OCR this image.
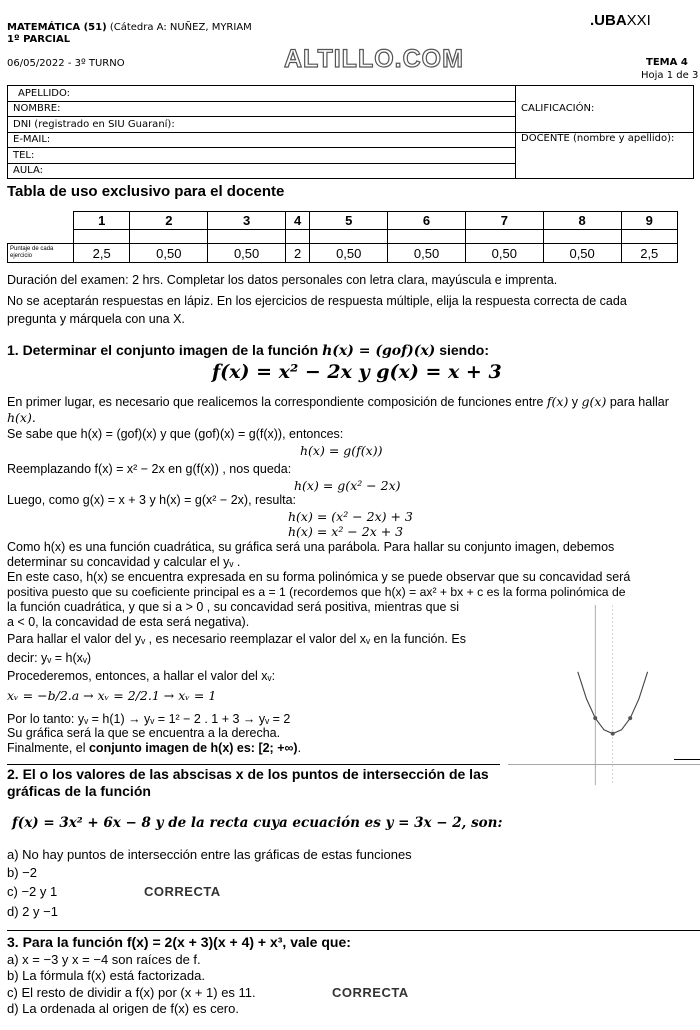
MATEMÁTICA (51) (Cátedra A: NUÑEZ, MYRIAM
1º PARCIAL
06/05/2022 - 3º TURNO
.UBAXXI
ALTILLO.COM	TEMA 4
Hoja 1 de 3
APELLIDO:	CALIFICACIÓN:
NOMBRE:	
DNI (registrado en SIU Guaraní):	
E-MAIL:	DOCENTE (nombre y apellido):
TEL:	
AULA:	
Tabla de uso exclusivo para el docente
	1	2	3	4	5	6	7	8	9

Puntaje de cada ejercicio	2,5	0,50	0,50	2	0,50	0,50	0,50	0,50	2,5
Duración del examen: 2 hrs. Completar los datos personales con letra clara, mayúscula e imprenta.
No se aceptarán respuestas en lápiz. En los ejercicios de respuesta múltiple, elija la respuesta correcta de cada
pregunta y márquela con una X.
1. Determinar el conjunto imagen de la función h(x) = (gof)(x) siendo:
f(x) = x² − 2x y g(x) = x + 3
En primer lugar, es necesario que realicemos la correspondiente composición de funciones entre f(x) y g(x) para hallar
h(x).
Se sabe que h(x) = (gof)(x) y que (gof)(x) = g(f(x)), entonces:
h(x) = g(f(x))
Reemplazando f(x) = x² − 2x en g(f(x)) , nos queda:
h(x) = g(x² − 2x)
Luego, como g(x) = x + 3 y h(x) = g(x² − 2x), resulta:
h(x) = (x² − 2x) + 3
h(x) = x² − 2x + 3
Como h(x) es una función cuadrática, su gráfica será una parábola. Para hallar su conjunto imagen, debemos
determinar su concavidad y calcular el yᵥ .
En este caso, h(x) se encuentra expresada en su forma polinómica y se puede observar que su concavidad será
positiva puesto que su coeficiente principal es a = 1 (recordemos que h(x) = ax² + bx + c es la forma polinómica de
la función cuadrática, y que si a > 0 , su concavidad será positiva, mientras que si
a < 0, la concavidad de esta será negativa).
Para hallar el valor del yᵥ , es necesario reemplazar el valor del xᵥ en la función. Es
decir: yᵥ = h(xᵥ)
Procederemos, entonces, a hallar el valor del xᵥ:
xᵥ = −b/2.a → xᵥ = 2/2.1 → xᵥ = 1
Por lo tanto: yᵥ = h(1) → yᵥ = 1² − 2 . 1 + 3 → yᵥ = 2
Su gráfica será la que se encuentra a la derecha.
Finalmente, el conjunto imagen de h(x) es: [2; +∞).
2. El o los valores de las abscisas x de los puntos de intersección de las
gráficas de la función
f(x) = 3x² + 6x − 8 y de la recta cuya ecuación es y = 3x − 2, son:
a) No hay puntos de intersección entre las gráficas de estas funciones
b) −2
c) −2 y 1	CORRECTA
d) 2 y −1
3. Para la función f(x) = 2(x + 3)(x + 4) + x³, vale que:
a) x = −3 y x = −4 son raíces de f.
b) La fórmula f(x) está factorizada.
c) El resto de dividir a f(x) por (x + 1) es 11.	CORRECTA
d) La ordenada al origen de f(x) es cero.
